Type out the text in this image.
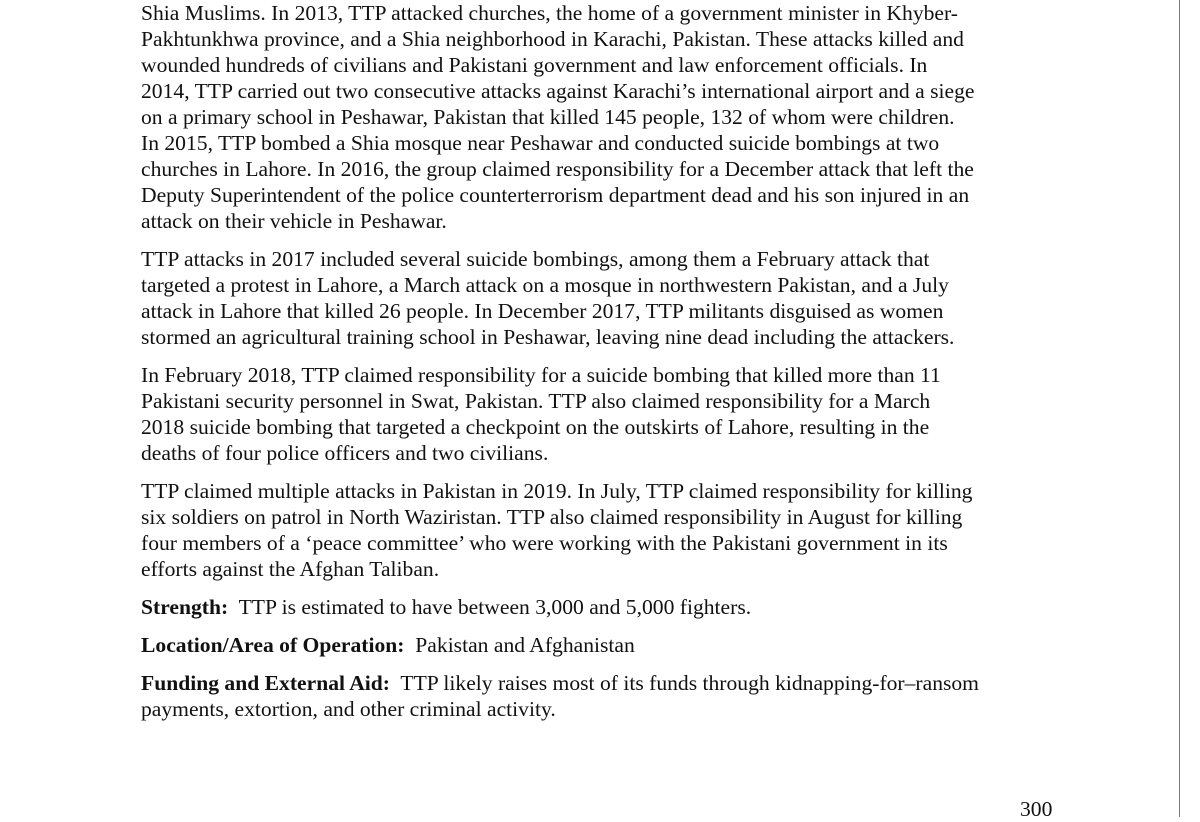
Shia Muslims. In 2013, TTP attacked churches, the home of a government minister in Khyber-
Pakhtunkhwa province, and a Shia neighborhood in Karachi, Pakistan. These attacks killed and
wounded hundreds of civilians and Pakistani government and law enforcement officials. In
2014, TTP carried out two consecutive attacks against Karachi’s international airport and a siege
on a primary school in Peshawar, Pakistan that killed 145 people, 132 of whom were children.
In 2015, TTP bombed a Shia mosque near Peshawar and conducted suicide bombings at two
churches in Lahore. In 2016, the group claimed responsibility for a December attack that left the
Deputy Superintendent of the police counterterrorism department dead and his son injured in an
attack on their vehicle in Peshawar.

TTP attacks in 2017 included several suicide bombings, among them a February attack that
targeted a protest in Lahore, a March attack on a mosque in northwestern Pakistan, and a July
attack in Lahore that killed 26 people. In December 2017, TTP militants disguised as women
stormed an agricultural training school in Peshawar, leaving nine dead including the attackers.

In February 2018, TTP claimed responsibility for a suicide bombing that killed more than 11
Pakistani security personnel in Swat, Pakistan. TTP also claimed responsibility for a March
2018 suicide bombing that targeted a checkpoint on the outskirts of Lahore, resulting in the
deaths of four police officers and two civilians.

TTP claimed multiple attacks in Pakistan in 2019. In July, TTP claimed responsibility for killing
six soldiers on patrol in North Waziristan. TTP also claimed responsibility in August for killing
four members of a ‘peace committee’ who were working with the Pakistani government in its
efforts against the Afghan Taliban.

Strength:  TTP is estimated to have between 3,000 and 5,000 fighters.

Location/Area of Operation:  Pakistan and Afghanistan

Funding and External Aid:  TTP likely raises most of its funds through kidnapping-for–ransom
payments, extortion, and other criminal activity.

300
